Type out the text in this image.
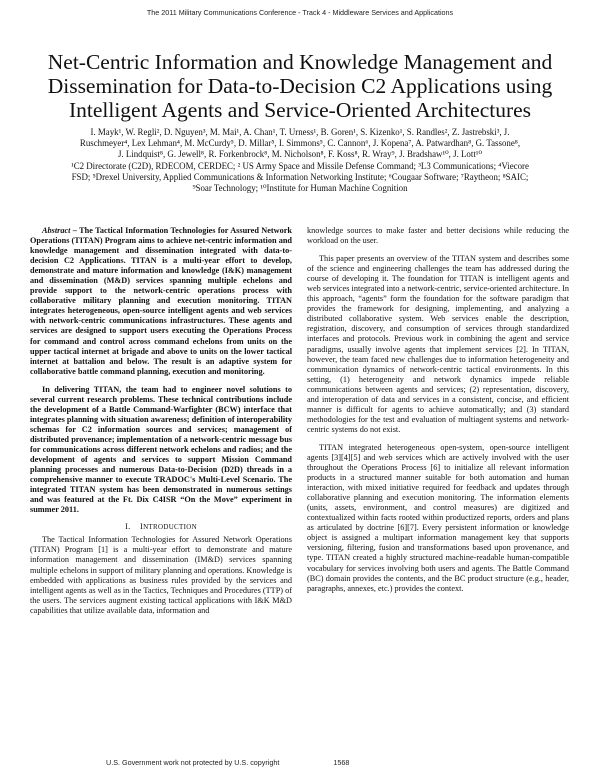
The 2011 Military Communications Conference - Track 4 - Middleware Services and Applications
Net-Centric Information and Knowledge Management and
Dissemination for Data-to-Decision C2 Applications using
Intelligent Agents and Service-Oriented Architectures
I. Mayk¹, W. Regli², D. Nguyen³, M. Mai¹, A. Chan¹, T. Urness¹, B. Goren¹, S. Kizenko¹, S. Randles², Z. Jastrebski³, J.
Ruschmeyer⁴, Lex Lehman⁴, M. McCurdy⁵, D. Millar⁵, I. Simmons⁵, C. Cannon⁶, J. Kopena⁷, A. Patwardhan⁸, G. Tassone⁸,
J. Lindquist⁸, G. Jewell⁸, R. Forkenbrock⁸, M. Nicholson⁸, F. Koss⁸, R. Wray⁹, J. Bradshaw¹⁰, J. Lott¹⁰
¹C2 Directorate (C2D), RDECOM, CERDEC; ² US Army Space and Missile Defense Command; ³L3 Communications; ⁴Viecore
FSD; ⁵Drexel University, Applied Communications & Information Networking Institute; ⁶Cougaar Software; ⁷Raytheon; ⁸SAIC;
⁹Soar Technology; ¹⁰Institute for Human Machine Cognition

Abstract – The Tactical Information Technologies for Assured Network Operations (TITAN) Program aims to achieve net-centric information and knowledge management and dissemination integrated with data-to-decision C2 Applications. TITAN is a multi-year effort to develop, demonstrate and mature information and knowledge (I&K) management and dissemination (M&D) services spanning multiple echelons and provide support to the network-centric operations process with collaborative military planning and execution monitoring. TITAN integrates heterogeneous, open-source intelligent agents and web services with network-centric communications infrastructures. These agents and services are designed to support users executing the Operations Process for command and control across command echelons from units on the upper tactical internet at brigade and above to units on the lower tactical internet at battalion and below. The result is an adaptive system for collaborative battle command planning, execution and monitoring.

In delivering TITAN, the team had to engineer novel solutions to several current research problems. These technical contributions include the development of a Battle Command-Warfighter (BCW) interface that integrates planning with situation awareness; definition of interoperability schemas for C2 information sources and services; management of distributed provenance; implementation of a network-centric message bus for communications across different network echelons and radios; and the development of agents and services to support Mission Command planning processes and numerous Data-to-Decision (D2D) threads in a comprehensive manner to execute TRADOC's Multi-Level Scenario. The integrated TITAN system has been demonstrated in numerous settings and was featured at the Ft. Dix C4ISR “On the Move” experiment in summer 2011.

I. INTRODUCTION

The Tactical Information Technologies for Assured Network Operations (TITAN) Program [1] is a multi-year effort to demonstrate and mature information management and dissemination (IM&D) services spanning multiple echelons in support of military planning and operations. Knowledge is embedded with applications as business rules provided by the services and intelligent agents as well as in the Tactics, Techniques and Procedures (TTP) of the users. The services augment existing tactical applications with I&K M&D capabilities that utilize available data, information and

knowledge sources to make faster and better decisions while reducing the workload on the user.

This paper presents an overview of the TITAN system and describes some of the science and engineering challenges the team has addressed during the course of developing it. The foundation for TITAN is intelligent agents and web services integrated into a network-centric, service-oriented architecture. In this approach, “agents” form the foundation for the software paradigm that provides the framework for designing, implementing, and analyzing a distributed collaborative system. Web services enable the description, registration, discovery, and consumption of services through standardized interfaces and protocols. Previous work in combining the agent and service paradigms, usually involve agents that implement services [2]. In TITAN, however, the team faced new challenges due to information heterogeneity and communication dynamics of network-centric tactical environments. In this setting, (1) heterogeneity and network dynamics impede reliable communications between agents and services; (2) representation, discovery, and interoperation of data and services in a consistent, concise, and efficient manner is difficult for agents to achieve automatically; and (3) standard methodologies for the test and evaluation of multiagent systems and network-centric systems do not exist.

TITAN integrated heterogeneous open-system, open-source intelligent agents [3][4][5] and web services which are actively involved with the user throughout the Operations Process [6] to initialize all relevant information products in a structured manner suitable for both automation and human interaction, with mixed initiative required for feedback and updates through collaborative planning and execution monitoring. The information elements (units, assets, environment, and control measures) are digitized and contextualized within facts rooted within productized reports, orders and plans as articulated by doctrine [6][7]. Every persistent information or knowledge object is assigned a multipart information management key that supports versioning, filtering, fusion and transformations based upon provenance, and type. TITAN created a highly structured machine-readable human-compatible vocabulary for services involving both users and agents. The Battle Command (BC) domain provides the contents, and the BC product structure (e.g., header, paragraphs, annexes, etc.) provides the context.

U.S. Government work not protected by U.S. copyright	1568
